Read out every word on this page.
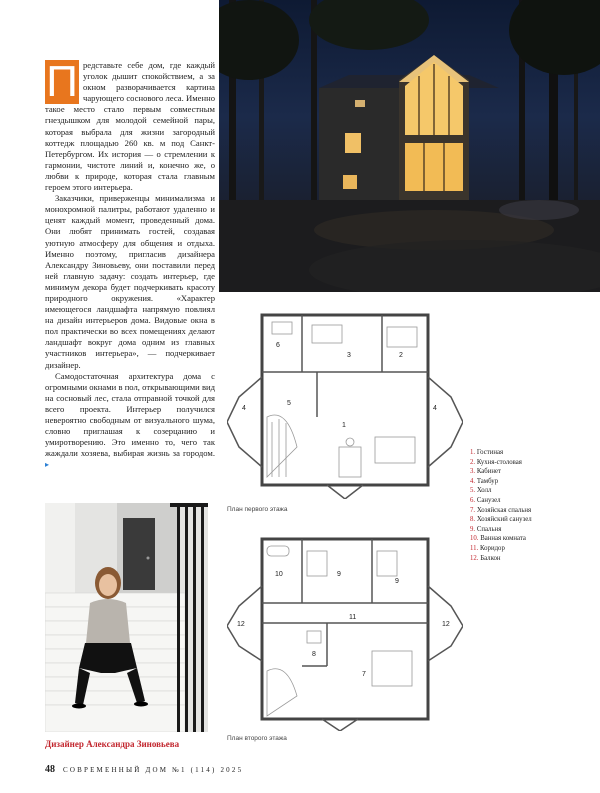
П редставьте себе дом, где каждый уголок дышит спокойствием, а за окном разворачивается картина чарующего соснового леса. Именно такое место стало первым совместным гнездышком для молодой семейной пары, которая выбрала для жизни загородный коттедж площадью 260 кв. м под Санкт-Петербургом. Их история — о стремлении к гармонии, чистоте линий и, конечно же, о любви к природе, которая стала главным героем этого интерьера.

Заказчики, приверженцы минимализма и монохромной палитры, работают удаленно и ценят каждый момент, проведенный дома. Они любят принимать гостей, создавая уютную атмосферу для общения и отдыха. Именно поэтому, пригласив дизайнера Александру Зиновьеву, они поставили перед ней главную задачу: создать интерьер, где минимум декора будет подчеркивать красоту природного окружения. «Характер имеющегося ландшафта напрямую повлиял на дизайн интерьеров дома. Видовые окна в пол практически во всех помещениях делают ландшафт вокруг дома одним из главных участников интерьера», — подчеркивает дизайнер.

Самодостаточная архитектура дома с огромными окнами в пол, открывающими вид на сосновый лес, стала отправной точкой для всего проекта. Интерьер получился невероятно свободным от визуального шума, словно приглашая к созерцанию и умиротворению. Это именно то, чего так жаждали хозяева, выбирая жизнь за городом. ▸

Дизайнер Александра Зиновьева
6
3	2
4
5
4
1
План первого этажа
1. Гостиная
2. Кухня-столовая
3. Кабинет
4. Тамбур
5. Холл
6. Санузел
7. Хозяйская спальня
8. Хозяйский санузел
9. Спальня
10. Ванная комната
11. Коридор
12. Балкон
10	9
9
12
11
12
8
7
План второго этажа
48 СОВРЕМЕННЫЙ ДОМ №1 (114) 2025
